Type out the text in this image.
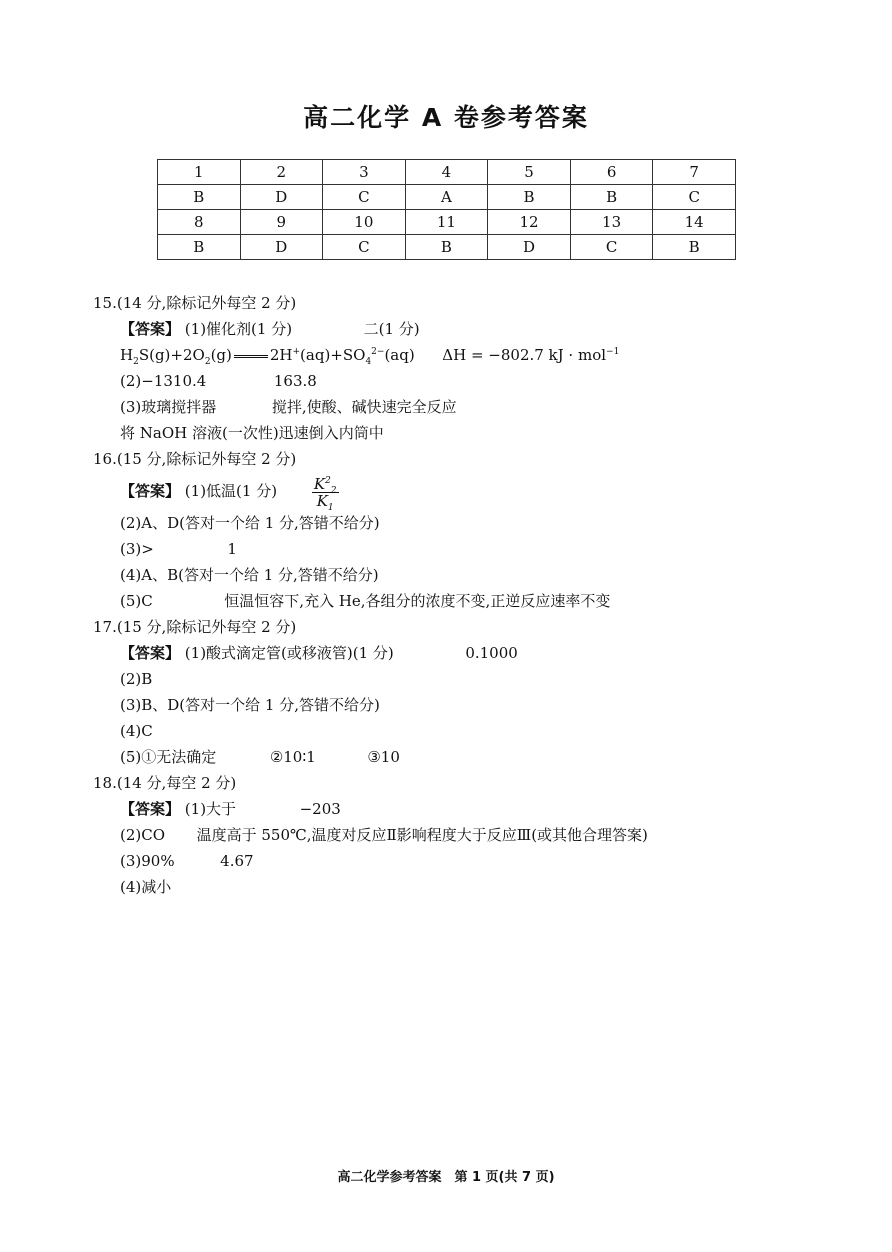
高二化学 A 卷参考答案
1	2	3	4	5	6	7
B	D	C	A	B	B	C
8	9	10	11	12	13	14
B	D	C	B	D	C	B
15.(14 分,除标记外每空 2 分)
【答案】 (1)催化剂(1 分)	二(1 分)
$H_2S(g)+2O_2(g)$	$2H^+(aq)+SO_4^{2-}(aq) \Delta H = -802.7$ kJ · mol$^{-1}$
(2)−1310.4	163.8
(3)玻璃搅拌器	搅拌,使酸、碱快速完全反应
将 NaOH 溶液(一次性)迅速倒入内筒中
16.(15 分,除标记外每空 2 分)
【答案】 (1)低温(1 分) $\frac{K^2_2}{K_1}$
(2)A、D(答对一个给 1 分,答错不给分)
(3)>	1
(4)A、B(答对一个给 1 分,答错不给分)
(5)C	恒温恒容下,充入 He,各组分的浓度不变,正逆反应速率不变
17.(15 分,除标记外每空 2 分)
【答案】 (1)酸式滴定管(或移液管)(1 分)	0.1000
(2)B
(3)B、D(答对一个给 1 分,答错不给分)
(4)C
(5)①无法确定	②10∶1	③10
18.(14 分,每空 2 分)
【答案】 (1)大于	−203
(2)CO 温度高于 550℃,温度对反应Ⅱ影响程度大于反应Ⅲ(或其他合理答案)
(3)90%	4.67
(4)减小
高二化学参考答案　第 1 页(共 7 页)
